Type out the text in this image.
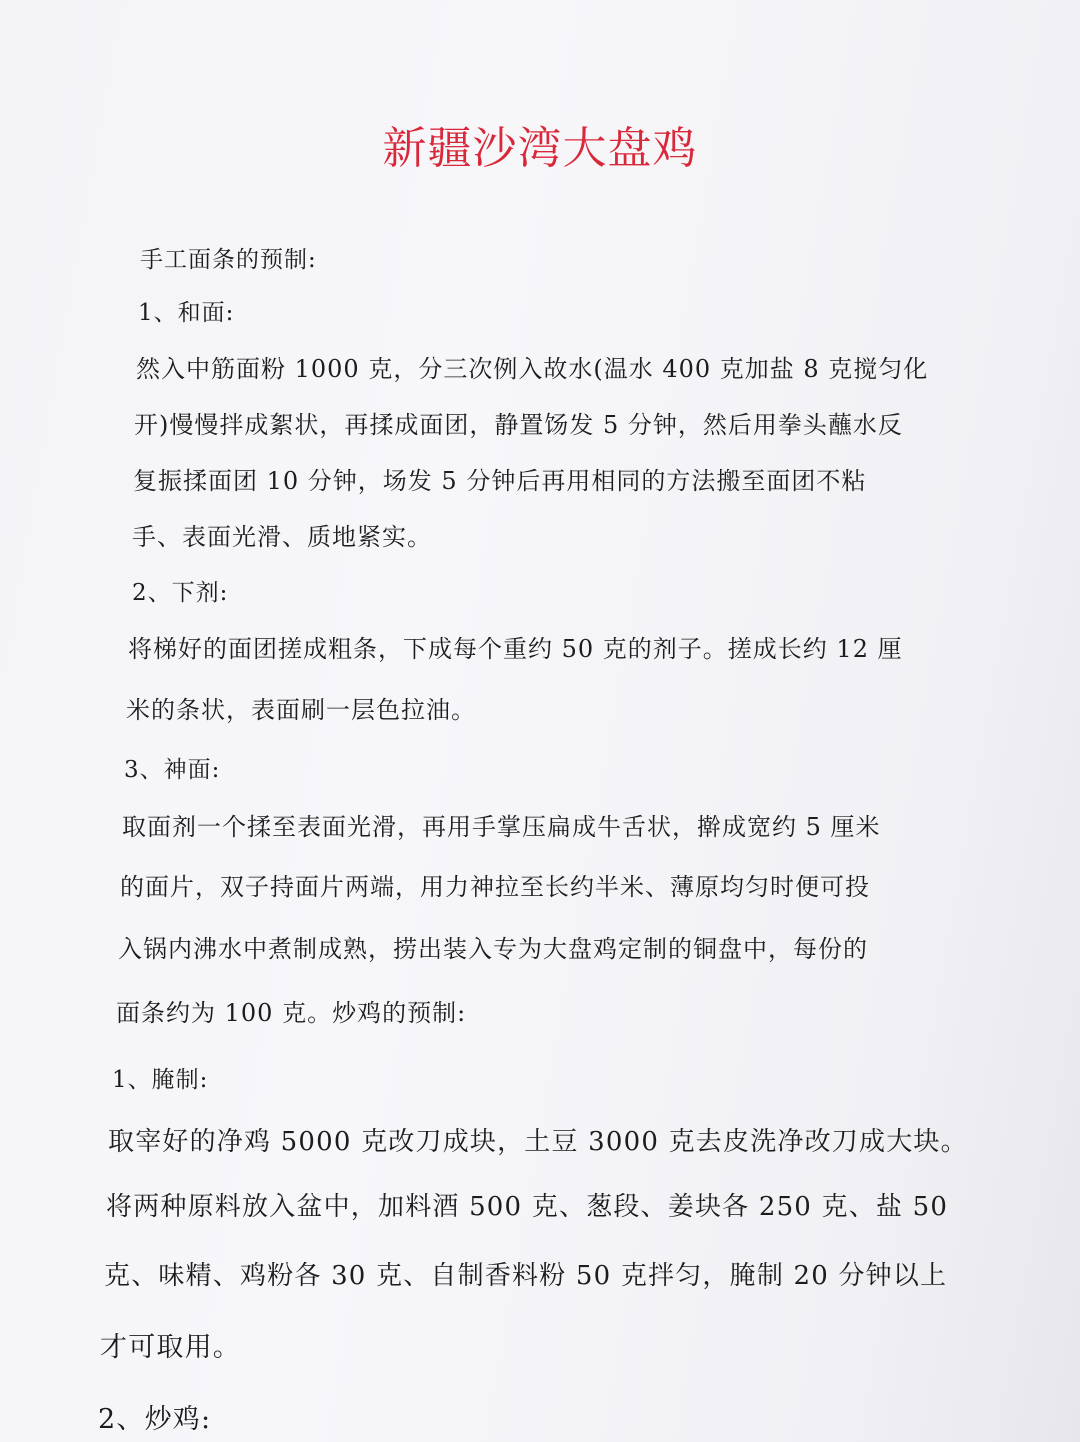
新疆沙湾大盘鸡
手工面条的预制:
1、和面:
然入中筋面粉 1000 克，分三次例入故水(温水 400 克加盐 8 克搅匀化
开)慢慢拌成絮状，再揉成面团，静置饧发 5 分钟，然后用拳头蘸水反
复振揉面团 10 分钟，场发 5 分钟后再用相同的方法搬至面团不粘
手、表面光滑、质地紧实。
2、下剂:
将梯好的面团搓成粗条，下成每个重约 50 克的剂子。搓成长约 12 厘
米的条状，表面刷一层色拉油。
3、神面:
取面剂一个揉至表面光滑，再用手掌压扁成牛舌状，擀成宽约 5 厘米
的面片，双子持面片两端，用力神拉至长约半米、薄原均匀时便可投
入锅内沸水中煮制成熟，捞出装入专为大盘鸡定制的铜盘中，每份的
面条约为 100 克。炒鸡的预制:
1、腌制:
取宰好的净鸡 5000 克改刀成块，土豆 3000 克去皮洗净改刀成大块。
将两种原料放入盆中，加料酒 500 克、葱段、姜块各 250 克、盐 50
克、味精、鸡粉各 30 克、自制香料粉 50 克拌匀，腌制 20 分钟以上
才可取用。
2、炒鸡:
